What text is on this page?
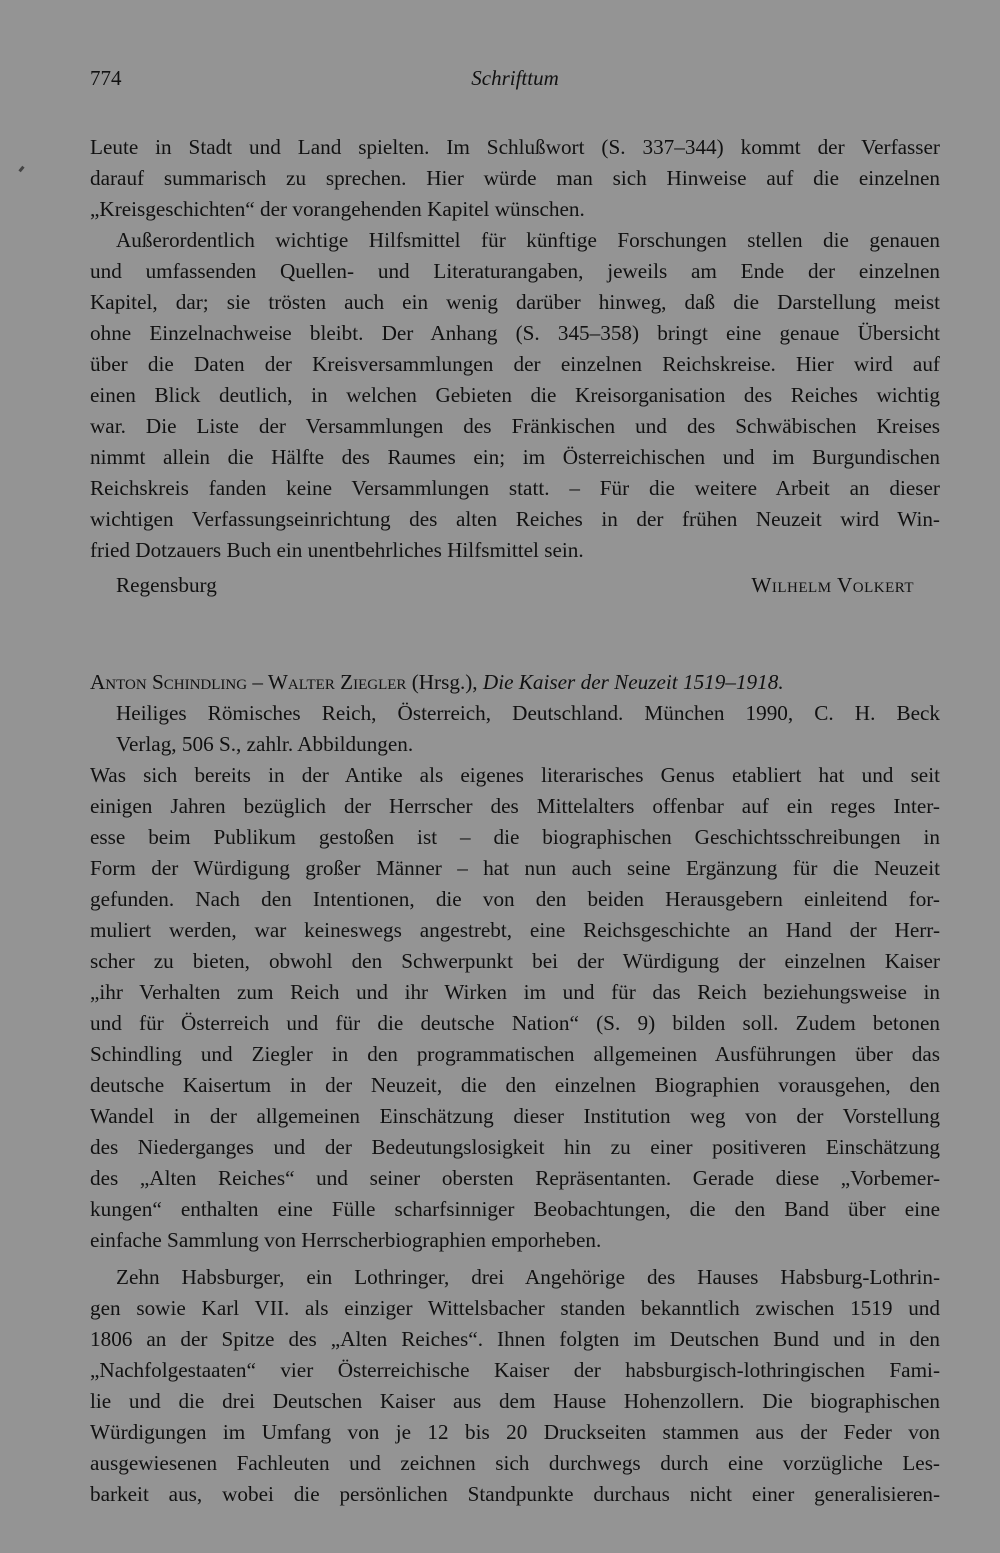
774	Schrifttum
Leute in Stadt und Land spielten. Im Schlußwort (S. 337–344) kommt der Verfasser
darauf summarisch zu sprechen. Hier würde man sich Hinweise auf die einzelnen
„Kreisgeschichten“ der vorangehenden Kapitel wünschen.
Außerordentlich wichtige Hilfsmittel für künftige Forschungen stellen die genauen
und umfassenden Quellen- und Literaturangaben, jeweils am Ende der einzelnen
Kapitel, dar; sie trösten auch ein wenig darüber hinweg, daß die Darstellung meist
ohne Einzelnachweise bleibt. Der Anhang (S. 345–358) bringt eine genaue Übersicht
über die Daten der Kreisversammlungen der einzelnen Reichskreise. Hier wird auf
einen Blick deutlich, in welchen Gebieten die Kreisorganisation des Reiches wichtig
war. Die Liste der Versammlungen des Fränkischen und des Schwäbischen Kreises
nimmt allein die Hälfte des Raumes ein; im Österreichischen und im Burgundischen
Reichskreis fanden keine Versammlungen statt. – Für die weitere Arbeit an dieser
wichtigen Verfassungseinrichtung des alten Reiches in der frühen Neuzeit wird Win-
fried Dotzauers Buch ein unentbehrliches Hilfsmittel sein.
Regensburg	Wilhelm Volkert
Anton Schindling – Walter Ziegler (Hrsg.), Die Kaiser der Neuzeit 1519–1918.
Heiliges Römisches Reich, Österreich, Deutschland. München 1990, C. H. Beck
Verlag, 506 S., zahlr. Abbildungen.
Was sich bereits in der Antike als eigenes literarisches Genus etabliert hat und seit
einigen Jahren bezüglich der Herrscher des Mittelalters offenbar auf ein reges Inter-
esse beim Publikum gestoßen ist – die biographischen Geschichtsschreibungen in
Form der Würdigung großer Männer – hat nun auch seine Ergänzung für die Neuzeit
gefunden. Nach den Intentionen, die von den beiden Herausgebern einleitend for-
muliert werden, war keineswegs angestrebt, eine Reichsgeschichte an Hand der Herr-
scher zu bieten, obwohl den Schwerpunkt bei der Würdigung der einzelnen Kaiser
„ihr Verhalten zum Reich und ihr Wirken im und für das Reich beziehungsweise in
und für Österreich und für die deutsche Nation“ (S. 9) bilden soll. Zudem betonen
Schindling und Ziegler in den programmatischen allgemeinen Ausführungen über das
deutsche Kaisertum in der Neuzeit, die den einzelnen Biographien vorausgehen, den
Wandel in der allgemeinen Einschätzung dieser Institution weg von der Vorstellung
des Niederganges und der Bedeutungslosigkeit hin zu einer positiveren Einschätzung
des „Alten Reiches“ und seiner obersten Repräsentanten. Gerade diese „Vorbemer-
kungen“ enthalten eine Fülle scharfsinniger Beobachtungen, die den Band über eine
einfache Sammlung von Herrscherbiographien emporheben.
Zehn Habsburger, ein Lothringer, drei Angehörige des Hauses Habsburg-Lothrin-
gen sowie Karl VII. als einziger Wittelsbacher standen bekanntlich zwischen 1519 und
1806 an der Spitze des „Alten Reiches“. Ihnen folgten im Deutschen Bund und in den
„Nachfolgestaaten“ vier Österreichische Kaiser der habsburgisch-lothringischen Fami-
lie und die drei Deutschen Kaiser aus dem Hause Hohenzollern. Die biographischen
Würdigungen im Umfang von je 12 bis 20 Druckseiten stammen aus der Feder von
ausgewiesenen Fachleuten und zeichnen sich durchwegs durch eine vorzügliche Les-
barkeit aus, wobei die persönlichen Standpunkte durchaus nicht einer generalisieren-
